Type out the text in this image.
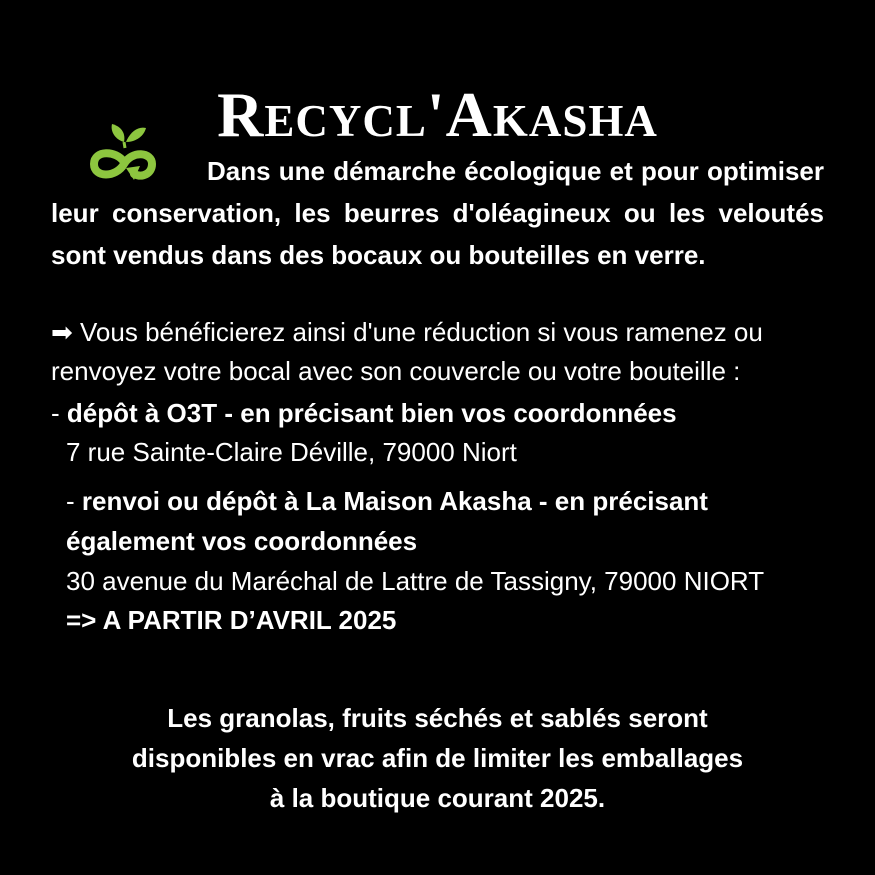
Recycl'Akasha

Dans une démarche écologique et pour optimiser leur conservation, les beurres d'oléagineux ou les veloutés sont vendus dans des bocaux ou bouteilles en verre.

➡ Vous bénéficierez ainsi d'une réduction si vous ramenez ou renvoyez votre bocal avec son couvercle ou votre bouteille :

- dépôt à O3T - en précisant bien vos coordonnées

7 rue Sainte-Claire Déville, 79000 Niort

- renvoi ou dépôt à La Maison Akasha - en précisant également vos coordonnées

30 avenue du Maréchal de Lattre de Tassigny, 79000 NIORT

=> A PARTIR D’AVRIL 2025

Les granolas, fruits séchés et sablés seront
disponibles en vrac afin de limiter les emballages
à la boutique courant 2025.
